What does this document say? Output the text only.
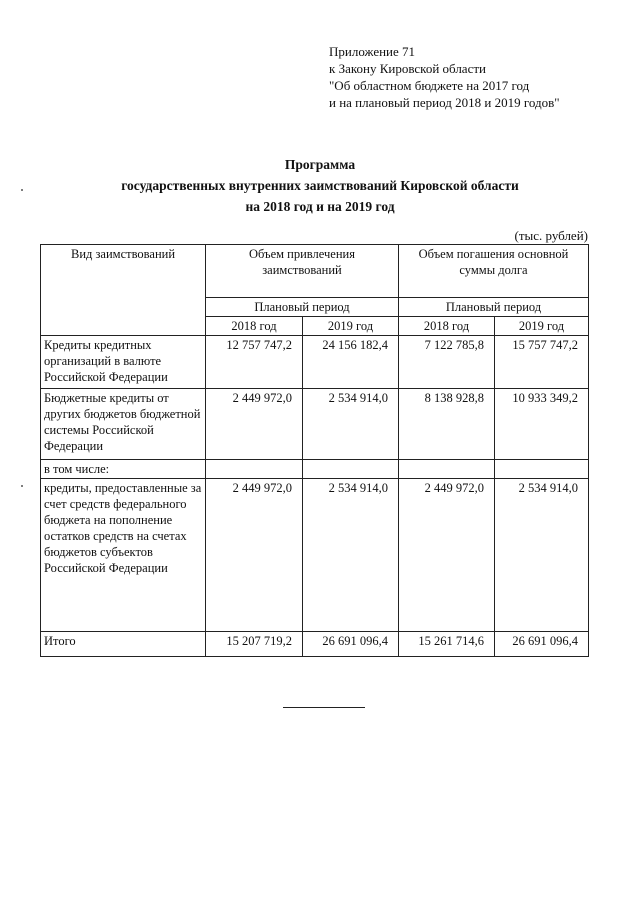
Приложение 71
к Закону Кировской области
"Об областном бюджете на 2017 год
и на плановый период 2018 и 2019 годов"
Программа
государственных внутренних заимствований Кировской области
на 2018 год и на 2019 год
(тыс. рублей)
Вид заимствований	Объем привлечения заимствований		Объем погашения основной суммы долга	
	Плановый период		Плановый период	
	2018 год	2019 год	2018 год	2019 год
Кредиты кредитных организаций в валюте Российской Федерации	12 757 747,2	24 156 182,4	7 122 785,8	15 757 747,2
Бюджетные кредиты от других бюджетов бюджетной системы Российской Федерации	2 449 972,0	2 534 914,0	8 138 928,8	10 933 349,2
в том числе:				
кредиты, предоставленные за счет средств федерального бюджета на пополнение остатков средств на счетах бюджетов субъектов Российской Федерации	2 449 972,0	2 534 914,0	2 449 972,0	2 534 914,0
Итого	15 207 719,2	26 691 096,4	15 261 714,6	26 691 096,4
